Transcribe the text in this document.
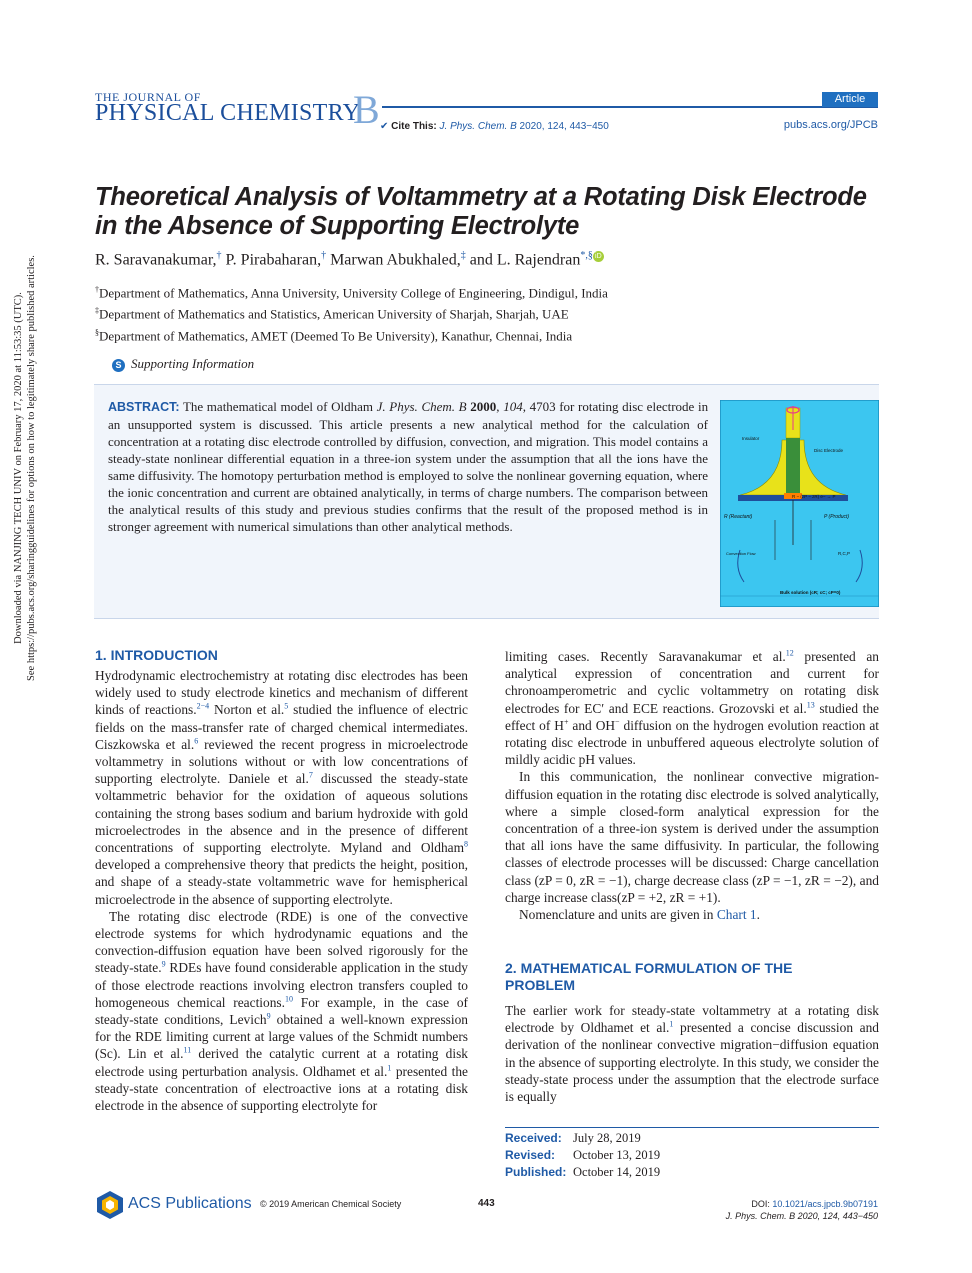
THE JOURNAL OF
PHYSICAL CHEMISTRY
B	Article
✔ Cite This: J. Phys. Chem. B 2020, 124, 443−450	pubs.acs.org/JPCB
Theoretical Analysis of Voltammetry at a Rotating Disk Electrode in the Absence of Supporting Electrolyte
R. Saravanakumar,† P. Pirabaharan,† Marwan Abukhaled,‡ and L. Rajendran*,§ iD
†Department of Mathematics, Anna University, University College of Engineering, Dindigul, India
‡Department of Mathematics and Statistics, American University of Sharjah, Sharjah, UAE
§Department of Mathematics, AMET (Deemed To Be University), Kanathur, Chennai, India
S Supporting Information
ABSTRACT: The mathematical model of Oldham J. Phys. Chem. B 2000, 104, 4703 for rotating disc electrode in an unsupported system is discussed. This article presents a new analytical method for the calculation of concentration at a rotating disc electrode controlled by diffusion, convection, and migration. This model contains a steady-state nonlinear differential equation in a three-ion system under the assumption that all the ions have the same diffusivity. The homotopy perturbation method is employed to solve the nonlinear governing equation, where the ionic concentration and current are obtained analytically, in terms of charge numbers. The comparison between the analytical results of this study and previous studies confirms that the result of the proposed method is in stronger agreement with numerical simulations than other analytical methods.
Insulator
Disc Electrode
R − (zP − zR) e− → P
R (Reactant)	P (Product)
Convection Flow	R,C,P
Bulk solution (cR; cC; cP=0)
Downloaded via NANJING TECH UNIV on February 17, 2020 at 11:53:35 (UTC). See https://pubs.acs.org/sharingguidelines for options on how to legitimately share published articles.	1. INTRODUCTION

Hydrodynamic electrochemistry at rotating disc electrodes has been widely used to study electrode kinetics and mechanism of different kinds of reactions.$^{2-4}$ Norton et al.$^5$ studied the influence of electric fields on the mass-transfer rate of charged chemical intermediates. Ciszkowska et al.$^6$ reviewed the recent progress in microelectrode voltammetry in solutions without or with low concentrations of supporting electrolyte. Daniele et al.$^7$ discussed the steady-state voltammetric behavior for the oxidation of aqueous solutions containing the strong bases sodium and barium hydroxide with gold microelectrodes in the absence and in the presence of different concentrations of supporting electrolyte. Myland and Oldham$^8$ developed a comprehensive theory that predicts the height, position, and shape of a steady-state voltammetric wave for hemispherical microelectrode in the absence of supporting electrolyte.

The rotating disc electrode (RDE) is one of the convective electrode systems for which hydrodynamic equations and the convection-diffusion equation have been solved rigorously for the steady-state.$^9$ RDEs have found considerable application in the study of those electrode reactions involving electron transfers coupled to homogeneous chemical reactions.$^{10}$ For example, in the case of steady-state conditions, Levich$^9$ obtained a well-known expression for the RDE limiting current at large values of the Schmidt numbers (Sc). Lin et al.$^{11}$ derived the catalytic current at a rotating disk electrode using perturbation analysis. Oldhamet et al.$^1$ presented the steady-state concentration of electroactive ions at a rotating disk electrode in the absence of supporting electrolyte for

limiting cases. Recently Saravanakumar et al.$^{12}$ presented an analytical expression of concentration and current for chronoamperometric and cyclic voltammetry on rotating disk electrodes for EC′ and ECE reactions. Grozovski et al.$^{13}$ studied the effect of H+ and OH− diffusion on the hydrogen evolution reaction at rotating disc electrode in unbuffered aqueous electrolyte solution of mildly acidic pH values.

In this communication, the nonlinear convective migration-diffusion equation in the rotating disc electrode is solved analytically, where a simple closed-form analytical expression for the concentration of a three-ion system is derived under the assumption that all ions have the same diffusivity. In particular, the following classes of electrode processes will be discussed: Charge cancellation class (zP = 0, zR = −1), charge decrease class (zP = −1, zR = −2), and charge increase class(zP = +2, zR = +1).

Nomenclature and units are given in Chart 1.

2. MATHEMATICAL FORMULATION OF THE PROBLEM

The earlier work for steady-state voltammetry at a rotating disk electrode by Oldhamet et al.$^1$ presented a concise discussion and derivation of the nonlinear convective migration−diffusion equation in the absence of supporting electrolyte. In this study, we consider the steady-state process under the assumption that the electrode surface is equally

Received: July 28, 2019
Revised: October 13, 2019
Published: October 14, 2019
ACS Publications © 2019 American Chemical Society	443	DOI: 10.1021/acs.jpcb.9b07191
J. Phys. Chem. B 2020, 124, 443−450
